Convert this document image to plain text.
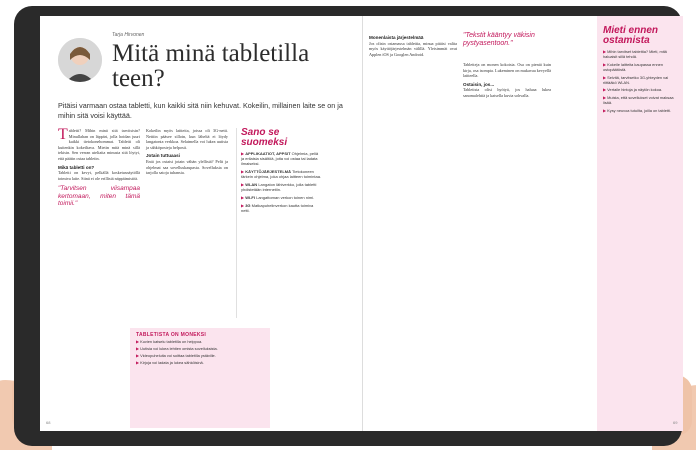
Tarja Hirvonen
Mitä minä tabletilla teen?

Pitäisi varmaan ostaa tabletti, kun kaikki sitä niin kehuvat. Kokeilin, millainen laite se on ja mihin sitä voisi käyttää.

T abletti? Mihin minä sitä tarvitsisin? Minullahan on läppäri, jolla hoidan juuri kaikki tietokonehommat. Tabletti oli kuitenkin kokeiltava. Mietin mitä minä sillä tekisin. Sen verran uteliaita minusta sitä löytyi, että päätin ostaa tabletin.
Mikä tabletti on?
Tabletti on kevyt, pelkällä kosketusnäytöllä toimiva laite. Siinä ei ole erillistä näppäimistöä.
"Tarvitsen viisampaa kertomaan, miten tämä toimii."
Kokeilin myös laitteita, joissa oli 3G-netti. Nettiin pääsee silloin, kun läheltä ei löydy langatonta verkkoa. Selaimella voi lukea uutisia ja sähköposteja helposti.
Jotain tuttuaasi
Entä jos ostaisi jotain vähän ylellistä? Pelit ja ohjelmat saa sovelluskaupasta. Sovelluksia on tarjolla satoja tuhansia.
Sano se suomeksi
▶ APPLIKAATIOT, APPSIT Ohjelmia, peliä ja erilaisia sisältöä, joita voi ostaa tai ladata ilmaiseksi.
▶ KÄYTTÖJÄRJESTELMÄ Tietokoneen tärkein ohjelma, joka ohjaa laitteen toimintaa.
▶ WLAN Langaton lähiverkko, jolla tabletti yhdistetään internetiin.
▶ WI-FI Langattoman verkon toinen nimi.
▶ 3G Matkapuhelinverkon kautta toimiva netti.
68
Monenlaista järjestelmää
Jos olisin ostamassa tablettia, minua pitäisi valita myös käyttöjärjestelmän välillä. Yleisimmät ovat Applen iOS ja Googlen Android.
Tabletteja on monen kokoisia. Osa on pieniä kuin kirja, osa isompia. Lukeminen on mukavaa kevyellä laitteella.
Ostaisin, jos...
Tabletista olisi hyötyä, jos haluaa lukea sanomalehtiä ja katsella kuvia sohvalla.
"Tekstit kääntyy väkisin pystyasentoon."
Mieti ennen ostamista
▶ Mihin tarvitset tablettia? Mieti, mitä haluaisit sillä tehdä.
▶ Kokeile laitteita kaupassa ennen ostopäätöstä.
▶ Selvitä, tarvitsetko 3G-yhteyden vai riittääkö WLAN.
▶ Vertaile hintoja ja näytön kokoa.
▶ Muista, että sovellukset voivat maksaa lisää.
▶ Kysy neuvoa tutuilta, joilla on tabletti.
69
TABLETISTA ON MONEKSI
▶ Kuvien katselu tabletilla on helppoa.
▶ Uutisia voi lukea lehtien omista sovelluksista.
▶ Videopuheluita voi soittaa tabletilla ystäville.
▶ Kirjoja voi ladata ja lukea sähköisinä.
